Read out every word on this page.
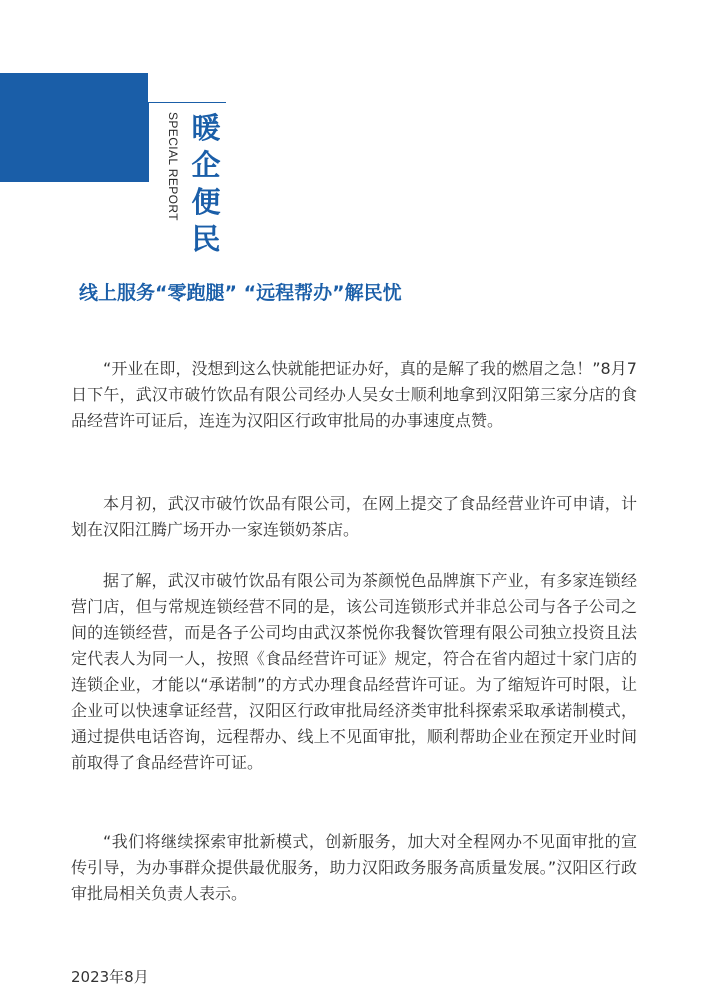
SPECIAL REPORT 暖企便民
线上服务“零跑腿” “远程帮办”解民忧

“开业在即，没想到这么快就能把证办好，真的是解了我的燃眉之急！”8月7日下午，武汉市破竹饮品有限公司经办人吴女士顺利地拿到汉阳第三家分店的食品经营许可证后，连连为汉阳区行政审批局的办事速度点赞。

本月初，武汉市破竹饮品有限公司，在网上提交了食品经营业许可申请，计划在汉阳江腾广场开办一家连锁奶茶店。

据了解，武汉市破竹饮品有限公司为茶颜悦色品牌旗下产业，有多家连锁经营门店，但与常规连锁经营不同的是，该公司连锁形式并非总公司与各子公司之间的连锁经营，而是各子公司均由武汉茶悦你我餐饮管理有限公司独立投资且法定代表人为同一人，按照《食品经营许可证》规定，符合在省内超过十家门店的连锁企业，才能以“承诺制”的方式办理食品经营许可证。为了缩短许可时限，让企业可以快速拿证经营，汉阳区行政审批局经济类审批科探索采取承诺制模式，通过提供电话咨询，远程帮办、线上不见面审批，顺利帮助企业在预定开业时间前取得了食品经营许可证。

“我们将继续探索审批新模式，创新服务，加大对全程网办不见面审批的宣传引导，为办事群众提供最优服务，助力汉阳政务服务高质量发展。”汉阳区行政审批局相关负责人表示。

2023年8月
